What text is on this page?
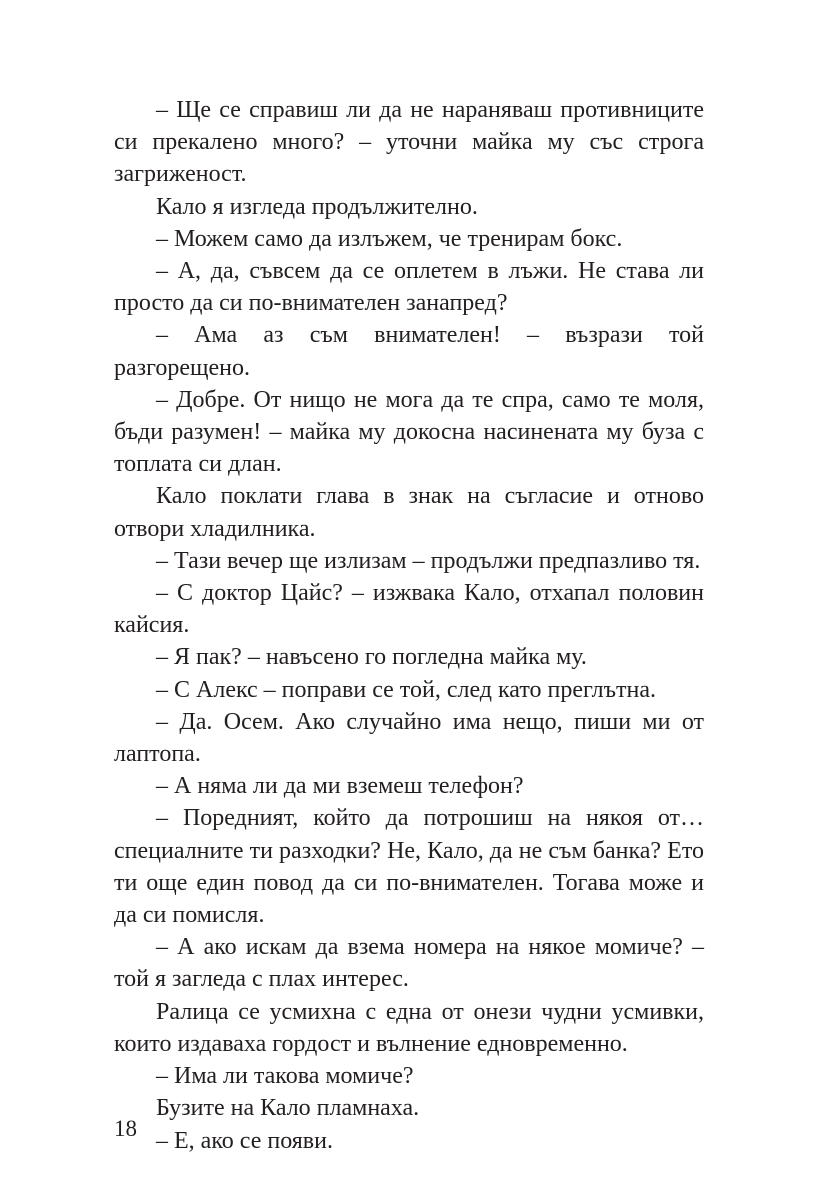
– Ще се справиш ли да не нараняваш противниците си прекалено много? – уточни майка му със строга загриженост.

Кало я изгледа продължително.

– Можем само да излъжем, че тренирам бокс.

– А, да, съвсем да се оплетем в лъжи. Не става ли просто да си по-внимателен занапред?

– Ама аз съм внимателен! – възрази той разгорещено.

– Добре. От нищо не мога да те спра, само те моля, бъди разумен! – майка му докосна насинената му буза с топлата си длан.

Кало поклати глава в знак на съгласие и отново отвори хладилника.

– Тази вечер ще излизам – продължи предпазливо тя.

– С доктор Цайс? – изжвака Кало, отхапал половин кайсия.

– Я пак? – навъсено го погледна майка му.

– С Алекс – поправи се той, след като преглътна.

– Да. Осем. Ако случайно има нещо, пиши ми от лаптопа.

– А няма ли да ми вземеш телефон?

– Поредният, който да потрошиш на някоя от… специалните ти разходки? Не, Кало, да не съм банка? Ето ти още един повод да си по-внимателен. Тогава може и да си помисля.

– А ако искам да взема номера на някое момиче? – той я загледа с плах интерес.

Ралица се усмихна с една от онези чудни усмивки, които издаваха гордост и вълнение едновременно.

– Има ли такова момиче?

Бузите на Кало пламнаха.

– Е, ако се появи.

18
